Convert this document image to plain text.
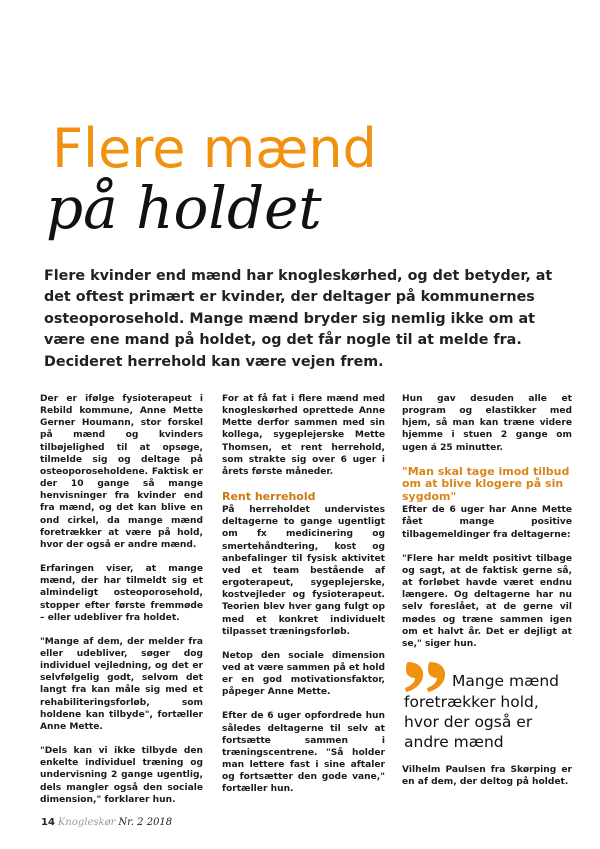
Flere mænd
på holdet

Flere kvinder end mænd har knogleskørhed, og det betyder, at det oftest primært er kvinder, der deltager på kommunernes osteoporosehold. Mange mænd bryder sig nemlig ikke om at være ene mand på holdet, og det får nogle til at melde fra. Decideret herrehold kan være vejen frem.

Der er ifølge fysioterapeut i Rebild kommune, Anne Mette Gerner Houmann, stor forskel på mænd og kvinders tilbøjelighed til at opsøge, tilmelde sig og deltage på osteoporoseholdene. Faktisk er der 10 gange så mange henvisninger fra kvinder end fra mænd, og det kan blive en ond cirkel, da mange mænd foretrækker at være på hold, hvor der også er andre mænd.

Erfaringen viser, at mange mænd, der har tilmeldt sig et almindeligt osteoporosehold, stopper efter første fremmøde – eller udebliver fra holdet.

"Mange af dem, der melder fra eller udebliver, søger dog individuel vejledning, og det er selvfølgelig godt, selvom det langt fra kan måle sig med et rehabiliteringsforløb, som holdene kan tilbyde", fortæller Anne Mette.

"Dels kan vi ikke tilbyde den enkelte individuel træning og undervisning 2 gange ugentlig, dels mangler også den sociale dimension," forklarer hun.

For at få fat i flere mænd med knogleskørhed oprettede Anne Mette derfor sammen med sin kollega, sygeplejerske Mette Thomsen, et rent herrehold, som strakte sig over 6 uger i årets første måneder.

Rent herrehold

På herreholdet undervistes deltagerne to gange ugentligt om fx medicinering og smertehåndtering, kost og anbefalinger til fysisk aktivitet ved et team bestående af ergoterapeut, sygeplejerske, kostvejleder og fysioterapeut. Teorien blev hver gang fulgt op med et konkret individuelt tilpasset træningsforløb.

Netop den sociale dimension ved at være sammen på et hold er en god motivationsfaktor, påpeger Anne Mette.

Efter de 6 uger opfordrede hun således deltagerne til selv at fortsætte sammen i træningscentrene. "Så holder man lettere fast i sine aftaler og fortsætter den gode vane," fortæller hun.

Hun gav desuden alle et program og elastikker med hjem, så man kan træne videre hjemme i stuen 2 gange om ugen á 25 minutter.

"Man skal tage imod tilbud om at blive klogere på sin sygdom"

Efter de 6 uger har Anne Mette fået mange positive tilbagemeldinger fra deltagerne:

"Flere har meldt positivt tilbage og sagt, at de faktisk gerne så, at forløbet havde været endnu længere. Og deltagerne har nu selv foreslået, at de gerne vil mødes og træne sammen igen om et halvt år. Det er dejligt at se," siger hun.

Mange mænd foretrækker hold, hvor der også er andre mænd

Vilhelm Paulsen fra Skørping er en af dem, der deltog på holdet.

14 Knogleskør Nr. 2 2018
